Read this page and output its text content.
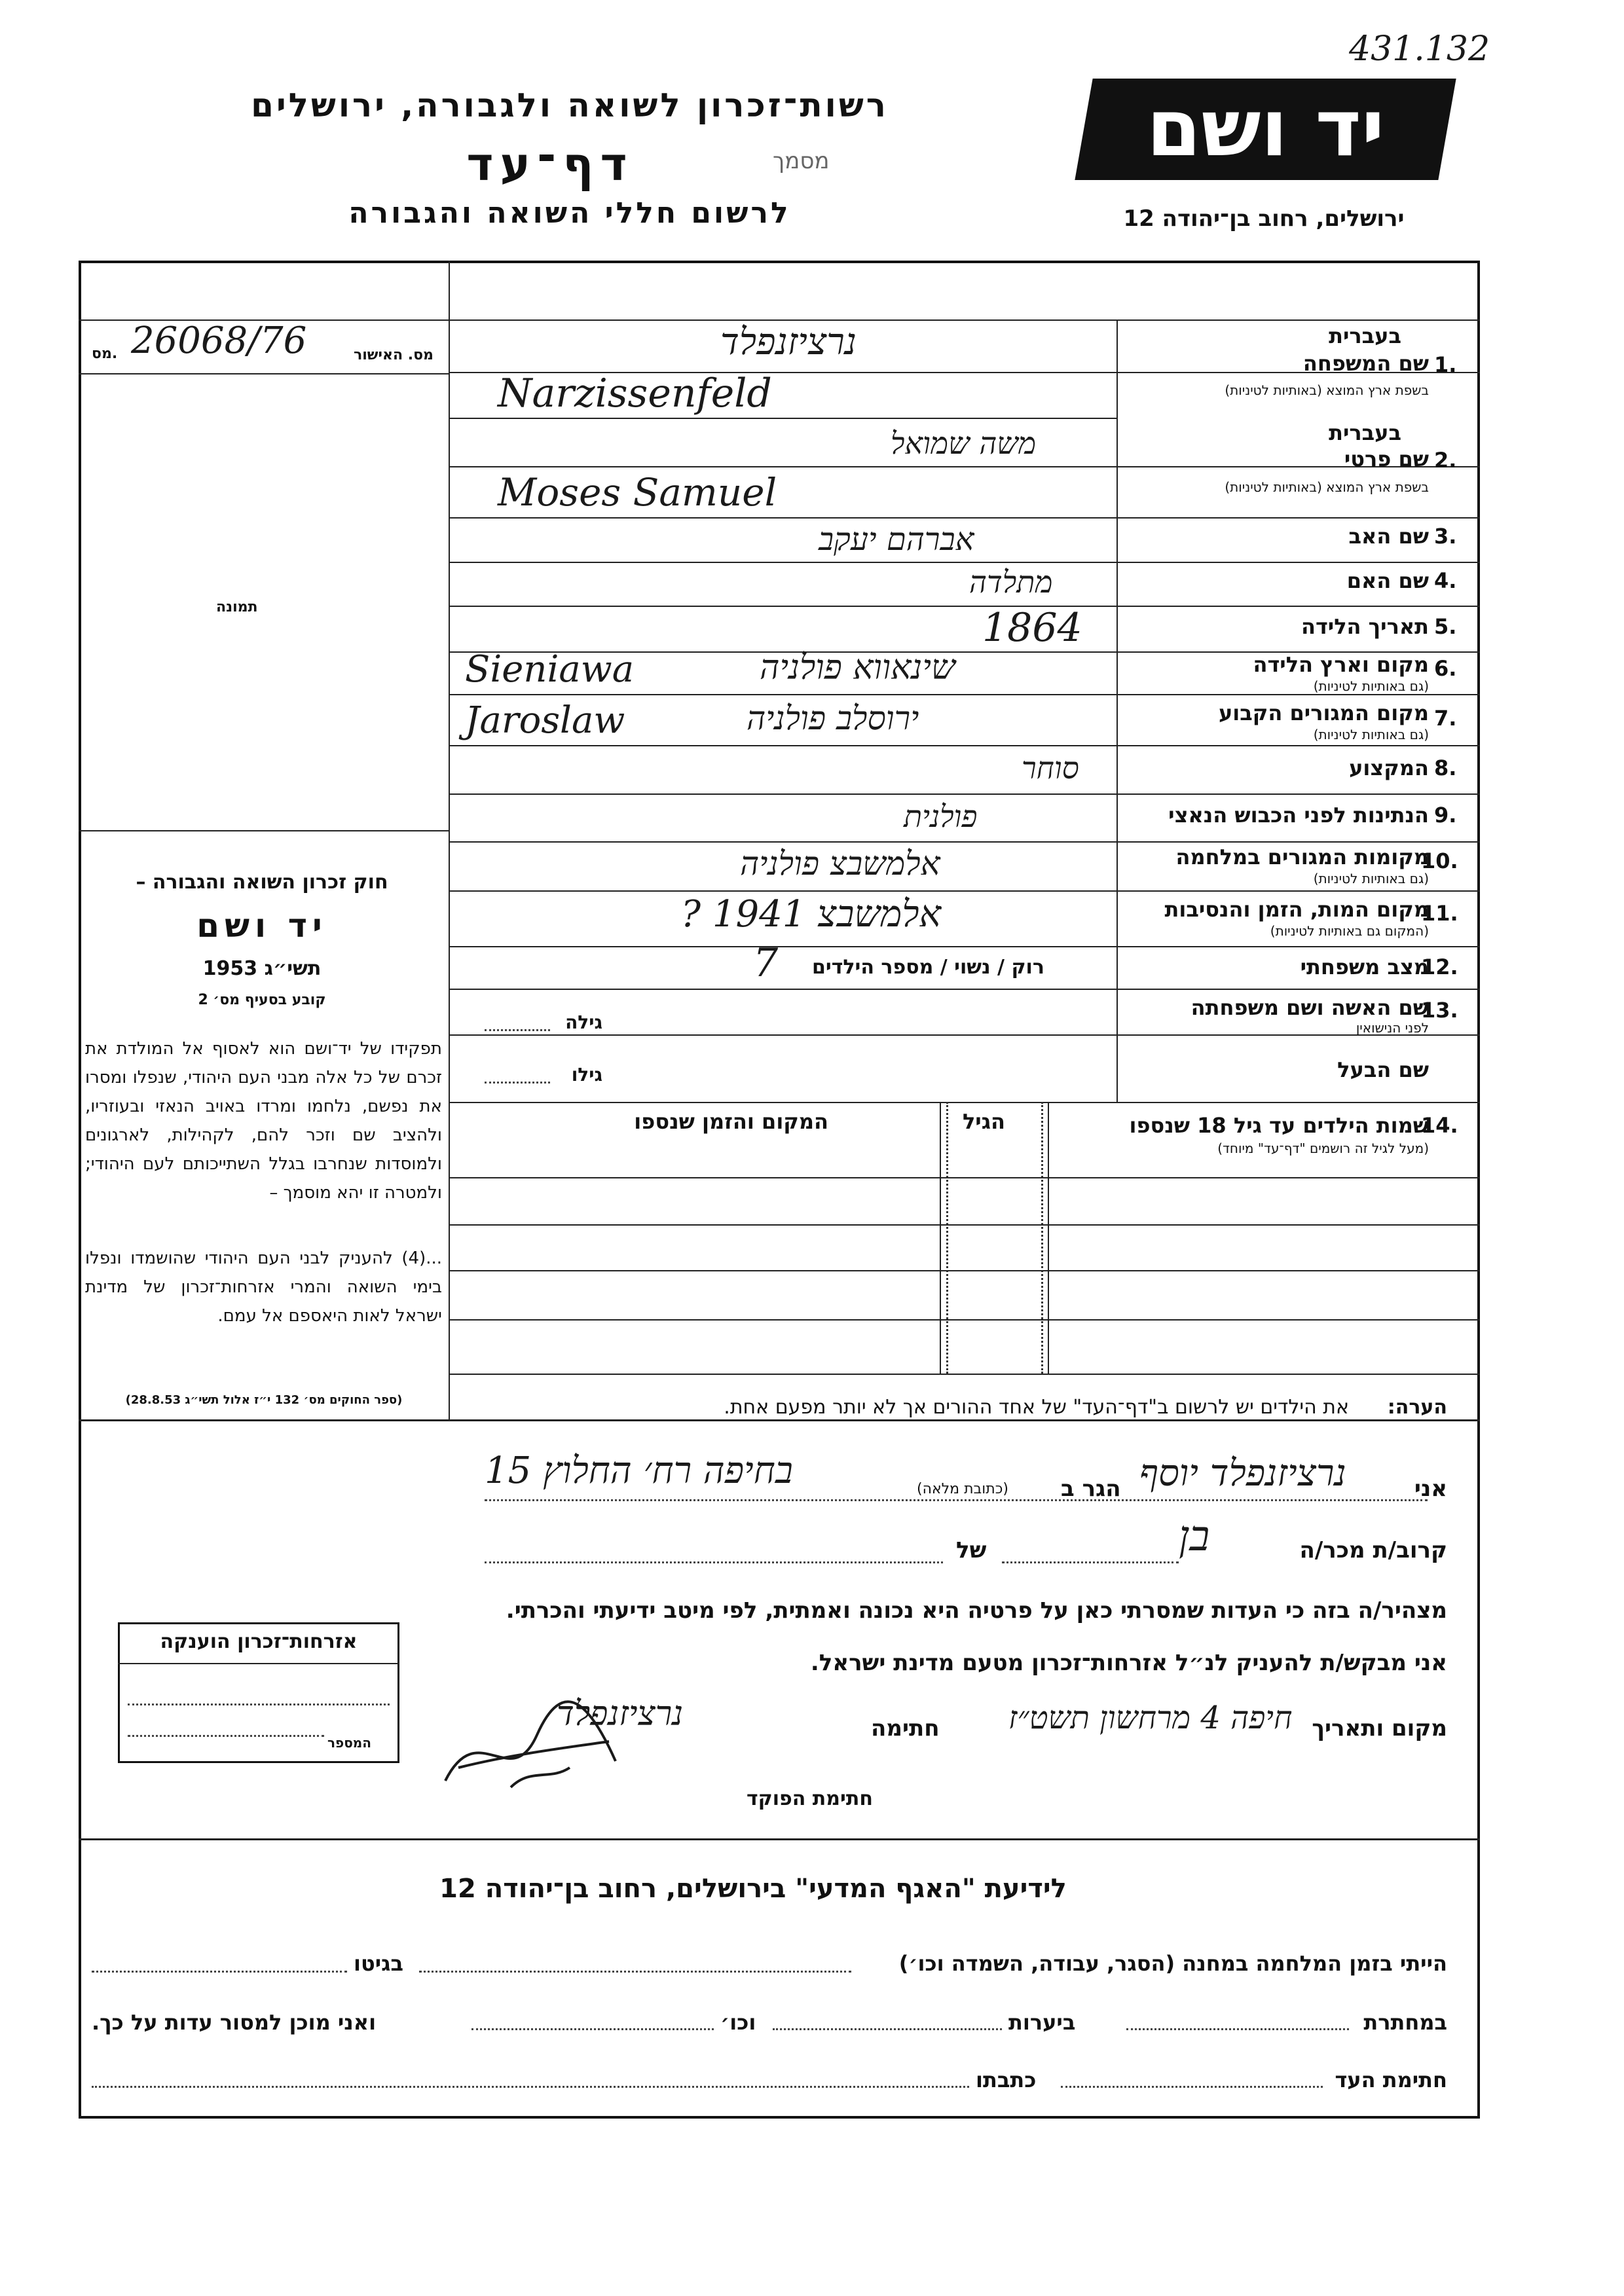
431.132
רשות־זכרון לשואה ולגבורה, ירושלים
דף־עד	מסמך
לרשום חללי השואה והגבורה
יד ושם
ירושלים, רחוב בן־יהודה 12
מס. 26068/76	מס. האישור
תמונה
חוק זכרון השואה והגבורה –
יד ושם
תשי״ג 1953
קובע בסעיף מס׳ 2
תפקידו של יד־ושם הוא לאסוף אל המולדת את זכרם של כל אלה מבני העם היהודי, שנפלו ומסרו את נפשם, נלחמו ומרדו באויב הנאזי ובעוזריו, ולהציב שם וזכר להם, לקהילות, לארגונים ולמוסדות שנחרבו בגלל השתייכותם לעם היהודי; ולמטרה זו יהא מוסמך –
...(4) להעניק לבני העם היהודי שהושמדו ונפלו בימי השואה והמרי אזרחות־זכרון של מדינת ישראל לאות היאספם אל עמם.
(ספר החוקים מס׳ 132 י״ז אלול תשי״ג 28.8.53)
בעברית
1.
שם המשפחה
בשפת ארץ המוצא (באותיות לטיניות)
נרציזנפלד
Narzissenfeld
בעברית
2.
שם פרטי
בשפת ארץ המוצא (באותיות לטיניות)
משה שמואל
Moses Samuel
3.
שם האב
אברהם יעקב
4.
שם האם
מתלדה
5.
תאריך הלידה
1864
6.
מקום וארץ הלידה
(גם באותיות לטיניות)
שינאווא פולניה
Sieniawa
7.
מקום המגורים הקבוע
(גם באותיות לטיניות)
ירוסלב פולניה
Jaroslaw
8.
המקצוע
סוחר
9.
הנתינות לפני הכבוש הנאצי
פולנית
10.
מקומות המגורים במלחמה
(גם באותיות לטיניות)
אלמשבצ פולניה
11.
מקום המות, הזמן והנסיבות
(המקום גם באותיות לטיניות)
אלמשבצ 1941 ?
12.
מצב משפחתי
רוק / נשוי / מספר הילדים
7
13.
שם האשה ושם משפחתה
לפני הנישואין
גילה
שם הבעל
גילו
14.
שמות הילדים עד גיל 18 שנספו
(מעל לגיל זה רושמים "דף־עד" מיוחד)
הגיל
המקום והזמן שנספו
הערה:
את הילדים יש לרשום ב"דף־העד" של אחד ההורים אך לא יותר מפעם אחת.
אני
נרציזנפלד יוסף
הגר ב
(כתובת מלאה)
בחיפה רח׳ החלוץ 15
קרוב/ת מכר/ה
בן
של
מצהיר/ה בזה כי העדות שמסרתי כאן על פרטיה היא נכונה ואמתית, לפי מיטב ידיעתי והכרתי.
אני מבקש/ת להעניק לנ״ל אזרחות־זכרון מטעם מדינת ישראל.
מקום ותאריך
חיפה 4 מרחשון תשט״ז
חתימה
נרציזנפלד
חתימת הפוקד
אזרחות־זכרון הוענקה
המספר
לידיעת "האגף המדעי" בירושלים, רחוב בן־יהודה 12
הייתי בזמן המלחמה במחנה (הסגר, עבודה, השמדה וכו׳)
בגיטו
במחתרת
ביערות
וכו׳
ואני מוכן למסור עדות על כך.
חתימת העד
כתבתו
